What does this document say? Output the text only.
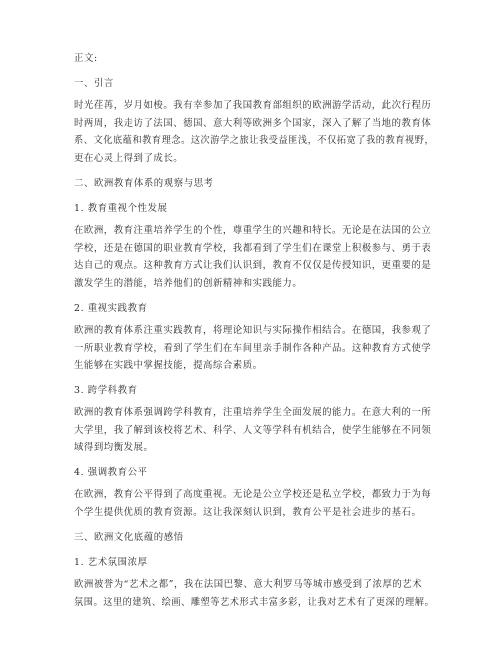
正文:
一、引言
时光荏苒，岁月如梭。我有幸参加了我国教育部组织的欧洲游学活动，此次行程历
时两周，我走访了法国、德国、意大利等欧洲多个国家，深入了解了当地的教育体
系、文化底蕴和教育理念。这次游学之旅让我受益匪浅，不仅拓宽了我的教育视野，
更在心灵上得到了成长。
二、欧洲教育体系的观察与思考
1. 教育重视个性发展
在欧洲，教育注重培养学生的个性，尊重学生的兴趣和特长。无论是在法国的公立
学校，还是在德国的职业教育学校，我都看到了学生们在课堂上积极参与、勇于表
达自己的观点。这种教育方式让我们认识到，教育不仅仅是传授知识，更重要的是
激发学生的潜能，培养他们的创新精神和实践能力。
2. 重视实践教育
欧洲的教育体系注重实践教育，将理论知识与实际操作相结合。在德国，我参观了
一所职业教育学校，看到了学生们在车间里亲手制作各种产品。这种教育方式使学
生能够在实践中掌握技能，提高综合素质。
3. 跨学科教育
欧洲的教育体系强调跨学科教育，注重培养学生全面发展的能力。在意大利的一所
大学里，我了解到该校将艺术、科学、人文等学科有机结合，使学生能够在不同领
域得到均衡发展。
4. 强调教育公平
在欧洲，教育公平得到了高度重视。无论是公立学校还是私立学校，都致力于为每
个学生提供优质的教育资源。这让我深刻认识到，教育公平是社会进步的基石。
三、欧洲文化底蕴的感悟
1. 艺术氛围浓厚
欧洲被誉为“艺术之都”，我在法国巴黎、意大利罗马等城市感受到了浓厚的艺术
氛围。这里的建筑、绘画、雕塑等艺术形式丰富多彩，让我对艺术有了更深的理解。
